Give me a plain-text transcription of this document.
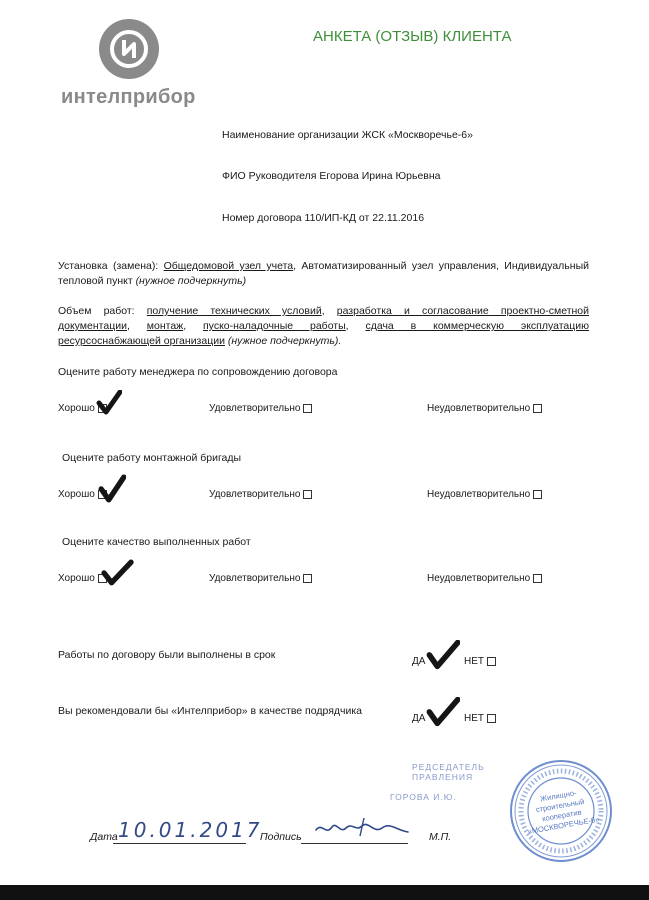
интелприбор
АНКЕТА (ОТЗЫВ) КЛИЕНТА
Наименование организации ЖСК «Москворечье-6»
ФИО Руководителя Егорова Ирина Юрьевна
Номер договора 110/ИП-КД от 22.11.2016
Установка (замена): Общедомовой узел учета, Автоматизированный узел управления, Индивидуальный тепловой пункт (нужное подчеркнуть)
Объем работ: получение технических условий, разработка и согласование проектно-сметной документации, монтаж, пуско-наладочные работы, сдача в коммерческую эксплуатацию ресурсоснабжающей организации (нужное подчеркнуть).
Оцените работу менеджера по сопровождению договора
Хорошо	Удовлетворительно	Неудовлетворительно
Оцените работу монтажной бригады
Хорошо	Удовлетворительно	Неудовлетворительно
Оцените качество выполненных работ
Хорошо	Удовлетворительно	Неудовлетворительно
Работы по договору были выполнены в срок
ДА	НЕТ
Вы рекомендовали бы «Интелприбор» в качестве подрядчика
ДА	НЕТ
РЕДСЕДАТЕЛЬ
ПРАВЛЕНИЯ
ГОРОВА И.Ю.	Жилищно-строительный кооператив «МОСКВОРЕЧЬЕ-6»
Дата 10.01.2017
Подпись	М.П.
